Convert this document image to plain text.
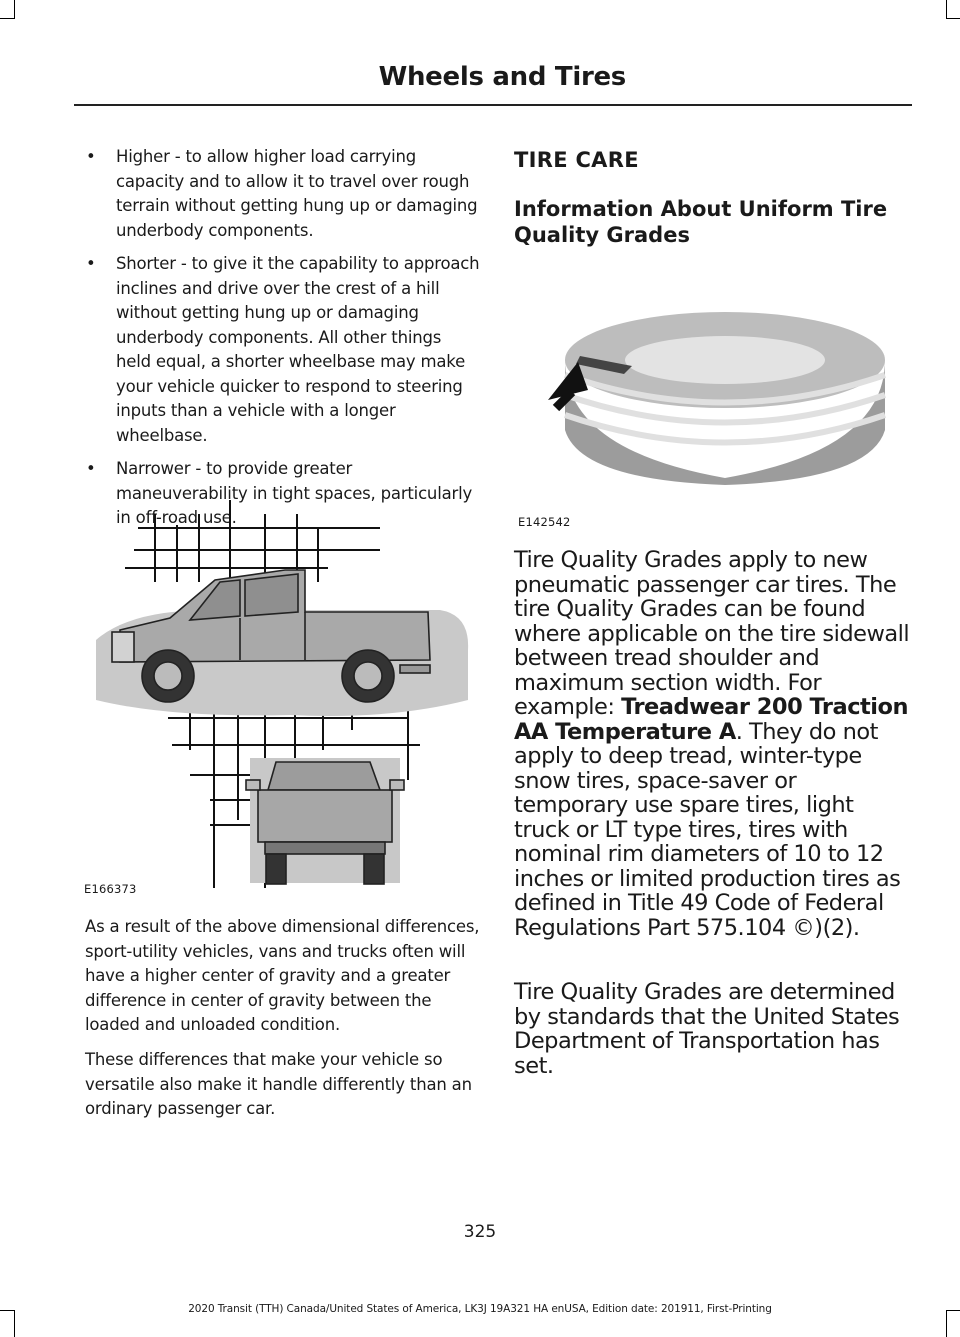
Wheels and Tires
• Higher - to allow higher load carrying capacity and to allow it to travel over rough terrain without getting hung up or damaging underbody components.
• Shorter - to give it the capability to approach inclines and drive over the crest of a hill without getting hung up or damaging underbody components. All other things held equal, a shorter wheelbase may make your vehicle quicker to respond to steering inputs than a vehicle with a longer wheelbase.
• Narrower - to provide greater maneuverability in tight spaces, particularly in off-road use.
E166373

As a result of the above dimensional differences, sport-utility vehicles, vans and trucks often will have a higher center of gravity and a greater difference in center of gravity between the loaded and unloaded condition.

These differences that make your vehicle so versatile also make it handle differently than an ordinary passenger car.

TIRE CARE
Information About Uniform Tire Quality Grades
E142542

Tire Quality Grades apply to new pneumatic passenger car tires. The tire Quality Grades can be found where applicable on the tire sidewall between tread shoulder and maximum section width. For example: Treadwear 200 Traction AA Temperature A. They do not apply to deep tread, winter-type snow tires, space-saver or temporary use spare tires, light truck or LT type tires, tires with nominal rim diameters of 10 to 12 inches or limited production tires as defined in Title 49 Code of Federal Regulations Part 575.104 ©)(2).

Tire Quality Grades are determined by standards that the United States Department of Transportation has set.

325
2020 Transit (TTH) Canada/United States of America, LK3J 19A321 HA enUSA, Edition date: 201911, First-Printing
